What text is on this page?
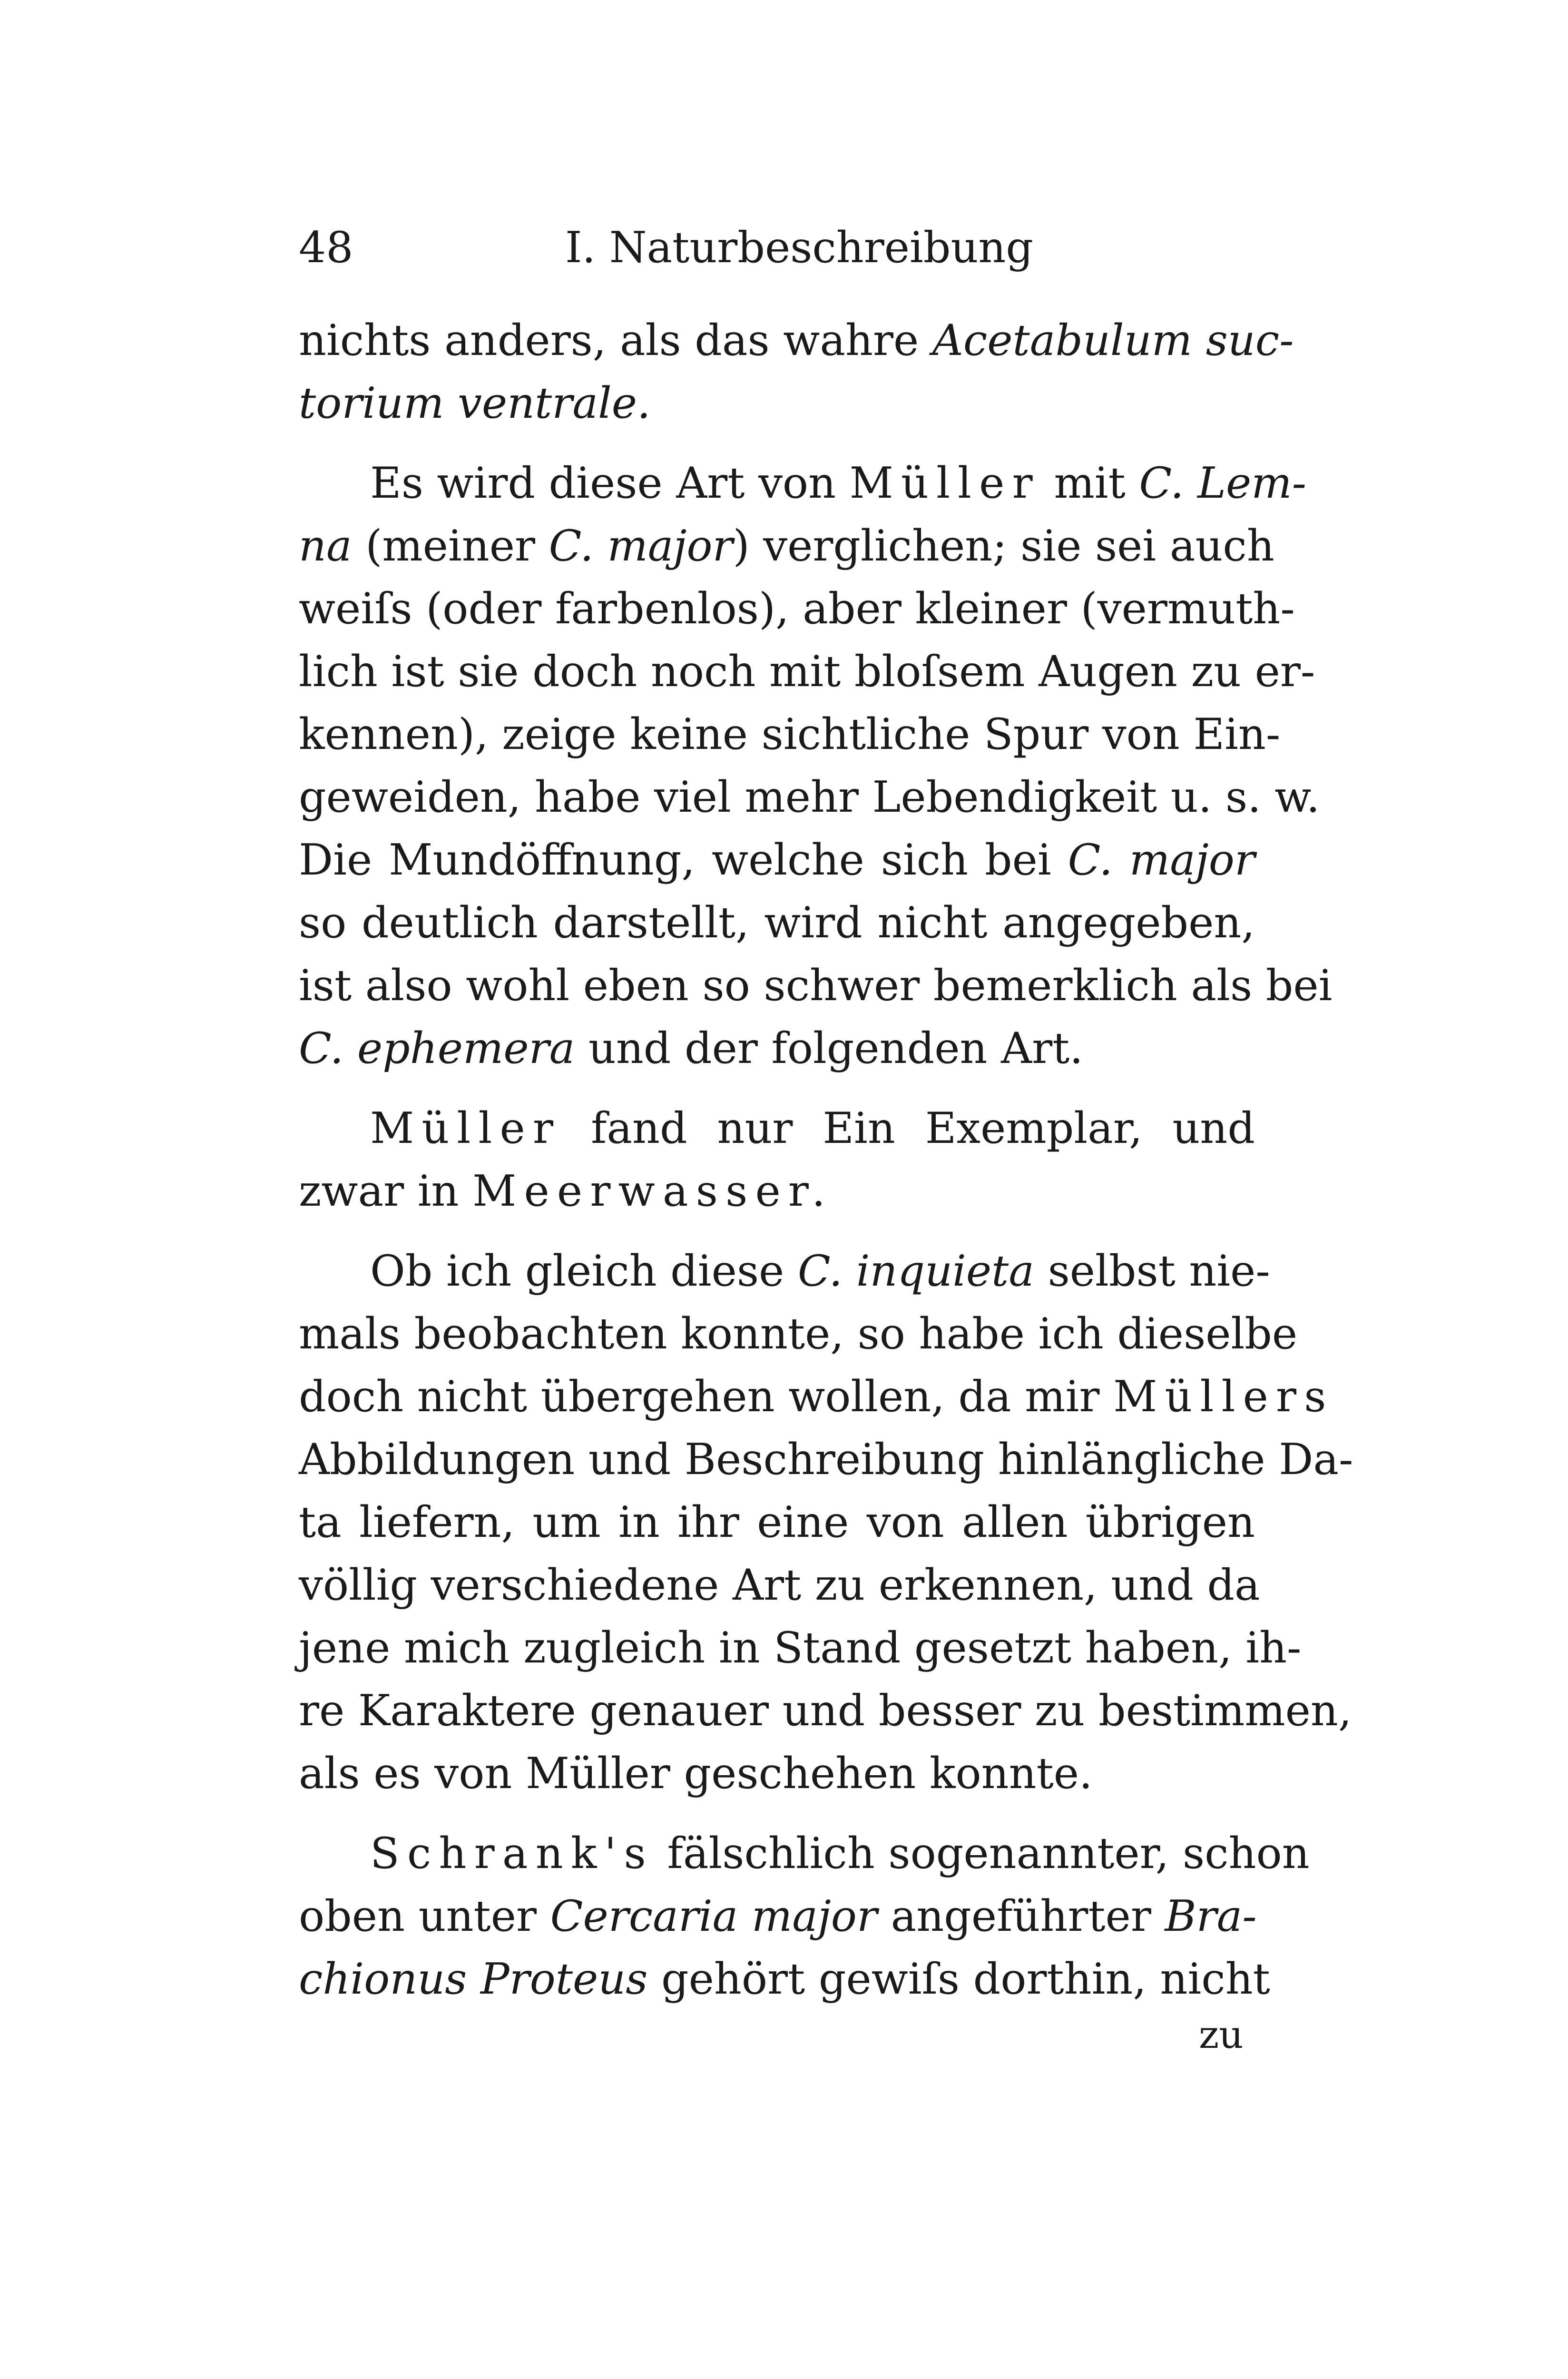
48	I. Naturbeschreibung
nichts anders, als das wahre Acetabulum suc-
torium ventrale.
Es wird diese Art von Müller mit C. Lem-
na (meiner C. major) verglichen; sie sei auch
weiſs (oder farbenlos), aber kleiner (vermuth-
lich ist sie doch noch mit bloſsem Augen zu er-
kennen), zeige keine sichtliche Spur von Ein-
geweiden, habe viel mehr Lebendigkeit u. s. w.
Die Mundöffnung, welche sich bei C. major
so deutlich darstellt, wird nicht angegeben,
ist also wohl eben so schwer bemerklich als bei
C. ephemera und der folgenden Art.
Müller fand nur Ein Exemplar, und
zwar in Meerwasser.
Ob ich gleich diese C. inquieta selbst nie-
mals beobachten konnte, so habe ich dieselbe
doch nicht übergehen wollen, da mir Müllers
Abbildungen und Beschreibung hinlängliche Da-
ta liefern, um in ihr eine von allen übrigen
völlig verschiedene Art zu erkennen, und da
jene mich zugleich in Stand gesetzt haben, ih-
re Karaktere genauer und besser zu bestimmen,
als es von Müller geschehen konnte.
Schrank's fälschlich sogenannter, schon
oben unter Cercaria major angeführter Bra-
chionus Proteus gehört gewiſs dorthin, nicht
zu
